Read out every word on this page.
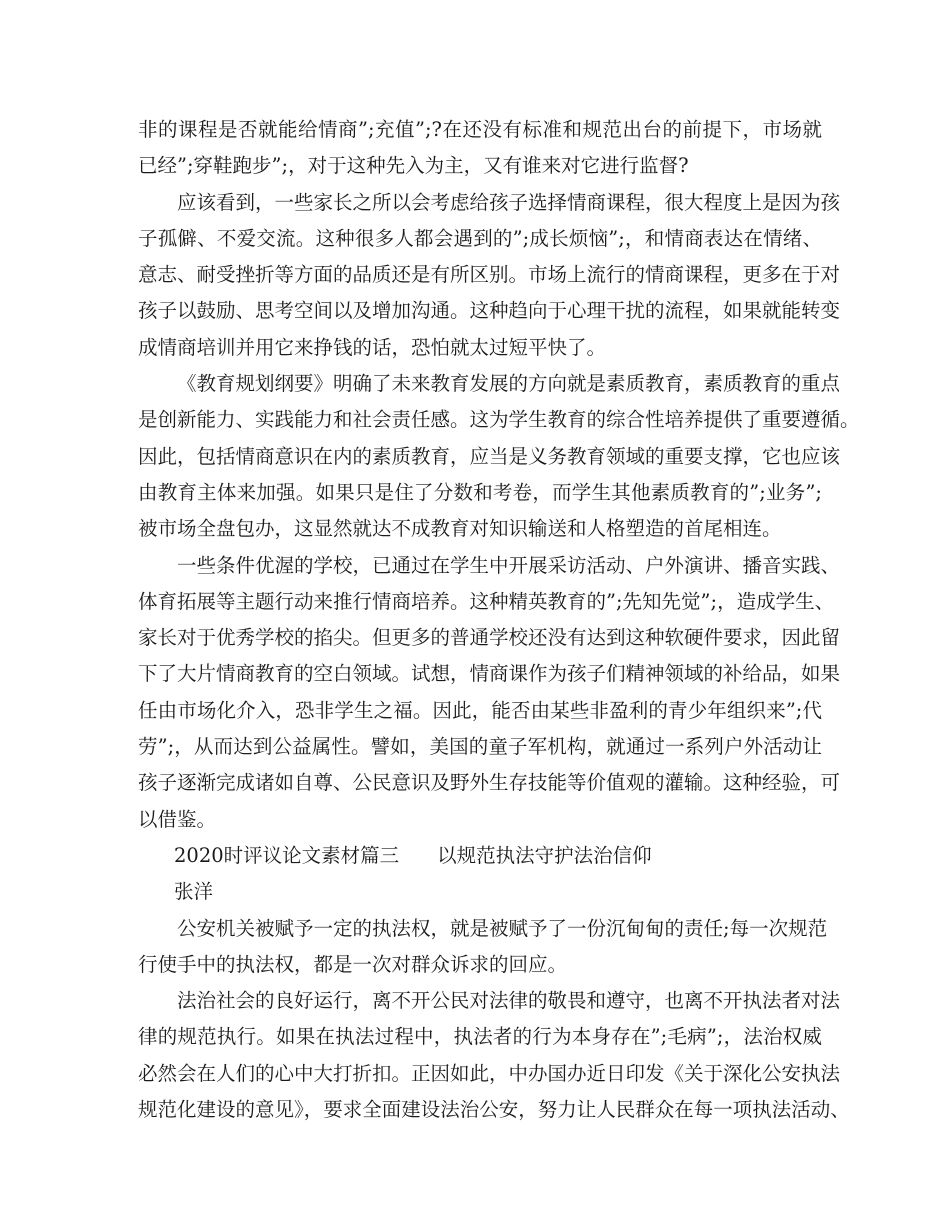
非的课程是否就能给情商”;充值”;?在还没有标准和规范出台的前提下，市场就
已经”;穿鞋跑步”;，对于这种先入为主，又有谁来对它进行监督?
应该看到，一些家长之所以会考虑给孩子选择情商课程，很大程度上是因为孩
子孤僻、不爱交流。这种很多人都会遇到的”;成长烦恼”;，和情商表达在情绪、
意志、耐受挫折等方面的品质还是有所区别。市场上流行的情商课程，更多在于对
孩子以鼓励、思考空间以及增加沟通。这种趋向于心理干扰的流程，如果就能转变
成情商培训并用它来挣钱的话，恐怕就太过短平快了。
《教育规划纲要》明确了未来教育发展的方向就是素质教育，素质教育的重点
是创新能力、实践能力和社会责任感。这为学生教育的综合性培养提供了重要遵循。
因此，包括情商意识在内的素质教育，应当是义务教育领域的重要支撑，它也应该
由教育主体来加强。如果只是住了分数和考卷，而学生其他素质教育的”;业务”;
被市场全盘包办，这显然就达不成教育对知识输送和人格塑造的首尾相连。
一些条件优渥的学校，已通过在学生中开展采访活动、户外演讲、播音实践、
体育拓展等主题行动来推行情商培养。这种精英教育的”;先知先觉”;，造成学生、
家长对于优秀学校的掐尖。但更多的普通学校还没有达到这种软硬件要求，因此留
下了大片情商教育的空白领域。试想，情商课作为孩子们精神领域的补给品，如果
任由市场化介入，恐非学生之福。因此，能否由某些非盈利的青少年组织来”;代
劳”;，从而达到公益属性。譬如，美国的童子军机构，就通过一系列户外活动让
孩子逐渐完成诸如自尊、公民意识及野外生存技能等价值观的灌输。这种经验，可
以借鉴。
2020时评议论文素材篇三 以规范执法守护法治信仰
张洋
公安机关被赋予一定的执法权，就是被赋予了一份沉甸甸的责任;每一次规范
行使手中的执法权，都是一次对群众诉求的回应。
法治社会的良好运行，离不开公民对法律的敬畏和遵守，也离不开执法者对法
律的规范执行。如果在执法过程中，执法者的行为本身存在”;毛病”;，法治权威
必然会在人们的心中大打折扣。正因如此，中办国办近日印发《关于深化公安执法
规范化建设的意见》，要求全面建设法治公安，努力让人民群众在每一项执法活动、
